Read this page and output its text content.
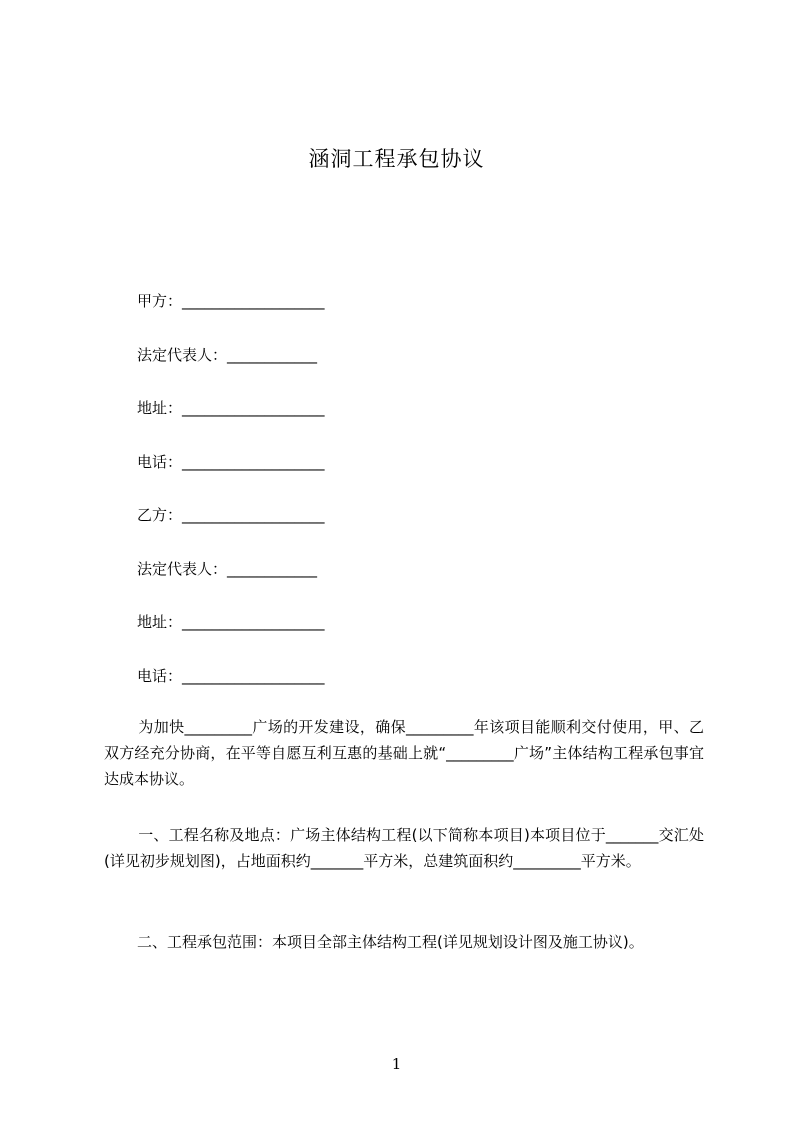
涵洞工程承包协议
甲方：___________________
法定代表人：____________
地址：___________________
电话：___________________
乙方：___________________
法定代表人：____________
地址：___________________
电话：___________________
为加快_________广场的开发建设，确保_________年该项目能顺利交付使用，甲、乙双方经充分协商，在平等自愿互利互惠的基础上就“_________广场”主体结构工程承包事宜达成本协议。
一、工程名称及地点：广场主体结构工程(以下简称本项目)本项目位于_______交汇处(详见初步规划图)，占地面积约_______平方米，总建筑面积约_________平方米。
二、工程承包范围：本项目全部主体结构工程(详见规划设计图及施工协议)。
1
